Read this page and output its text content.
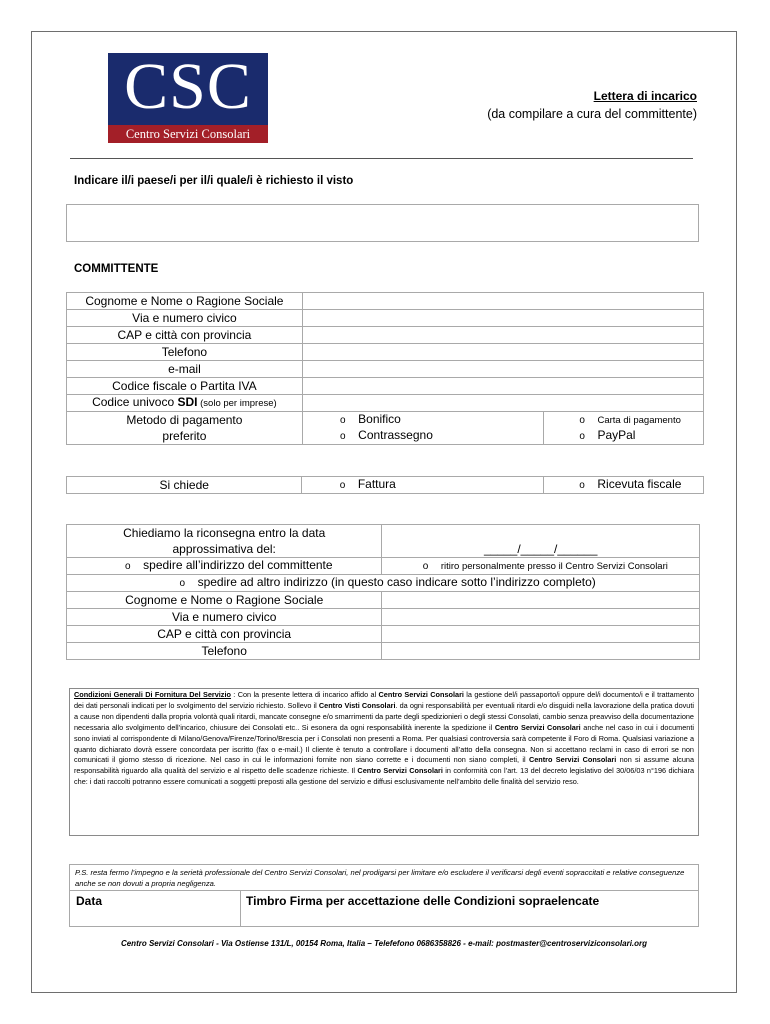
CSC
Centro Servizi Consolari
Lettera di incarico
(da compilare a cura del committente)
Indicare il/i paese/i per il/i quale/i è richiesto il visto
COMMITTENTE
Cognome e Nome o Ragione Sociale		
Via e numero civico		
CAP e città con provincia		
Telefono		
e-mail		
Codice fiscale o Partita IVA		
Codice univoco SDI (solo per imprese)		
Metodo di pagamento
preferito	o Bonifico	o Carta di pagamento
	o Contrassegno	o PayPal
Si chiede	o Fattura	o Ricevuta fiscale
Chiediamo la riconsegna entro la data
approssimativa del:	_____/_____/______
o spedire all’indirizzo del committente	o ritiro personalmente presso il Centro Servizi Consolari
o spedire ad altro indirizzo (in questo caso indicare sotto l’indirizzo completo)	
Cognome e Nome o Ragione Sociale	
Via e numero civico	
CAP e città con provincia	
Telefono	
Condizioni Generali Di Fornitura Del Servizio : Con la presente lettera di incarico affido al Centro Servizi Consolari la gestione del/i passaporto/i oppure del/i documento/i e il trattamento dei dati personali indicati per lo svolgimento del servizio richiesto. Sollevo il Centro Visti Consolari. da ogni responsabilità per eventuali ritardi e/o disguidi nella lavorazione della pratica dovuti a cause non dipendenti dalla propria volontà quali ritardi, mancate consegne e/o smarrimenti da parte degli spedizionieri o degli stessi Consolati, cambio senza preavviso della documentazione necessaria allo svolgimento dell’incarico, chiusure dei Consolati etc.. Si esonera da ogni responsabilità inerente la spedizione il Centro Servizi Consolari anche nel caso in cui i documenti sono inviati al corrispondente di Milano/Genova/Firenze/Torino/Brescia per i Consolati non presenti a Roma. Per qualsiasi controversia sarà competente il Foro di Roma. Qualsiasi variazione a quanto dichiarato dovrà essere concordata per iscritto (fax o e-mail.) Il cliente è tenuto a controllare i documenti all’atto della consegna. Non si accettano reclami in caso di errori se non comunicati il giorno stesso di ricezione. Nel caso in cui le informazioni fornite non siano corrette e i documenti non siano completi, il Centro Servizi Consolari non si assume alcuna responsabilità riguardo alla qualità del servizio e al rispetto delle scadenze richieste. Il Centro Servizi Consolari in conformità con l’art. 13 del decreto legislativo del 30/06/03 n°196 dichiara che: i dati raccolti potranno essere comunicati a soggetti preposti alla gestione del servizio e diffusi esclusivamente nell’ambito delle finalità del servizio reso.
P.S. resta fermo l’impegno e la serietà professionale del Centro Servizi Consolari, nel prodigarsi per limitare e/o escludere il verificarsi degli eventi sopraccitati e relative conseguenze anche se non dovuti a propria negligenza.
Data	Timbro Firma per accettazione delle Condizioni sopraelencate
Centro Servizi Consolari - Via Ostiense 131/L, 00154 Roma, Italia – Telefefono 0686358826 - e-mail: postmaster@centroserviziconsolari.org
